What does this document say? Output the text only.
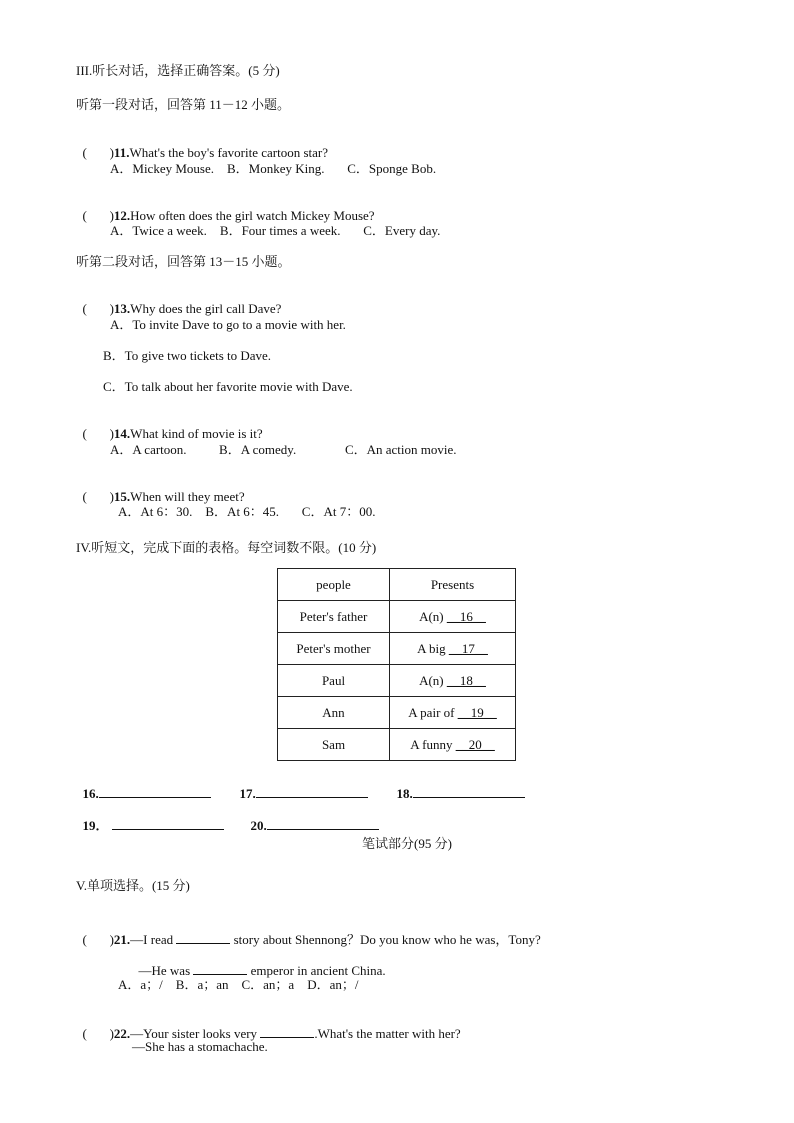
III.听长对话，选择正确答案。(5 分)
听第一段对话，回答第 11－12 小题。

(       )11.What's the boy's favorite cartoon star?

A．Mickey Mouse.    B．Monkey King.       C．Sponge Bob.

(       )12.How often does the girl watch Mickey Mouse?

A．Twice a week.    B．Four times a week.       C．Every day.
听第二段对话，回答第 13－15 小题。

(       )13.Why does the girl call Dave?

A．To invite Dave to go to a movie with her.
B．To give two tickets to Dave.
C．To talk about her favorite movie with Dave.

(       )14.What kind of movie is it?

A．A cartoon.          B．A comedy.               C．An action movie.

(       )15.When will they meet?

A．At 6：30.    B．At 6：45.       C．At 7：00.
IV.听短文，完成下面的表格。每空词数不限。(10 分)
people	Presents
Peter's father	A(n) __16__
Peter's mother	A big __17__
Paul	A(n) __18__
Ann	A pair of __19__
Sam	A funny __20__

16.	17.	18.

19．	20.

笔试部分(95 分)
V.单项选择。(15 分)

(       )21.—I read	story about Shennong？Do you know who he was，Tony?

—He was	emperor in ancient China.

A．a；/    B．a；an    C．an；a    D．an；/

(       )22.—Your sister looks very	.What's the matter with her?

—She has a stomachache.
